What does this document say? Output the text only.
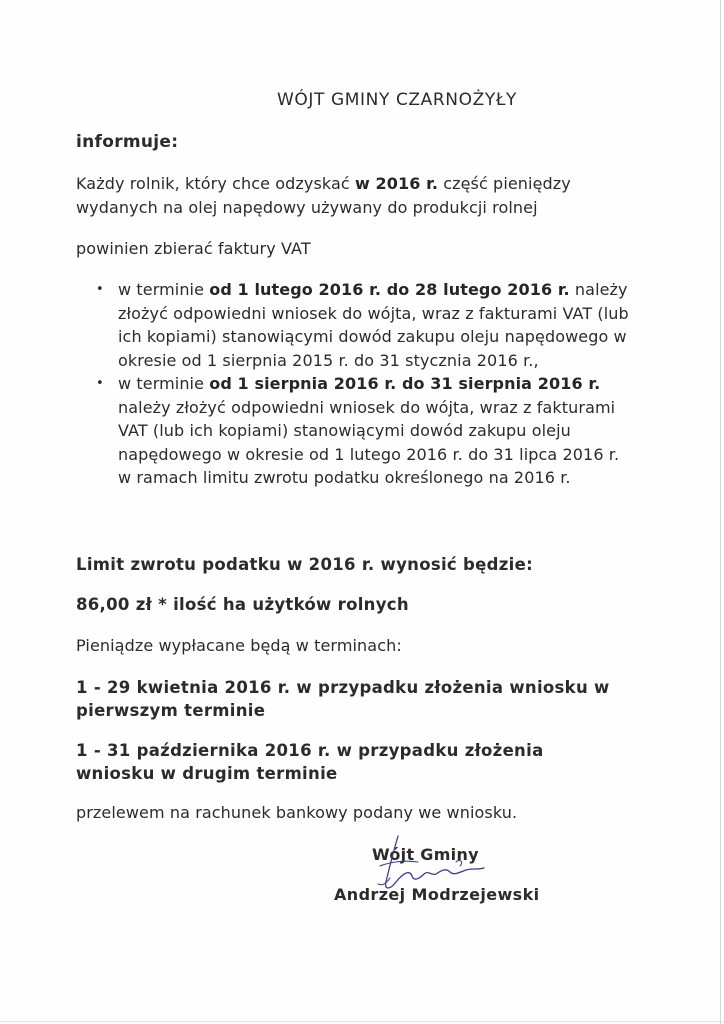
WÓJT GMINY CZARNOŻYŁY
informuje:
Każdy rolnik, który chce odzyskać w 2016 r. część pieniędzy wydanych na olej napędowy używany do produkcji rolnej
powinien zbierać faktury VAT
• w terminie od 1 lutego 2016 r. do 28 lutego 2016 r. należy złożyć odpowiedni wniosek do wójta, wraz z fakturami VAT (lub ich kopiami) stanowiącymi dowód zakupu oleju napędowego w okresie od 1 sierpnia 2015 r. do 31 stycznia 2016 r.,
• w terminie od 1 sierpnia 2016 r. do 31 sierpnia 2016 r. należy złożyć odpowiedni wniosek do wójta, wraz z fakturami VAT (lub ich kopiami) stanowiącymi dowód zakupu oleju napędowego w okresie od 1 lutego 2016 r. do 31 lipca 2016 r. w ramach limitu zwrotu podatku określonego na 2016 r.
Limit zwrotu podatku w 2016 r. wynosić będzie:
86,00 zł * ilość ha użytków rolnych
Pieniądze wypłacane będą w terminach:
1 - 29 kwietnia 2016 r. w przypadku złożenia wniosku w pierwszym terminie
1 - 31 października 2016 r. w przypadku złożenia wniosku w drugim terminie
przelewem na rachunek bankowy podany we wniosku.
Wójt Gminy
Andrzej Modrzejewski
